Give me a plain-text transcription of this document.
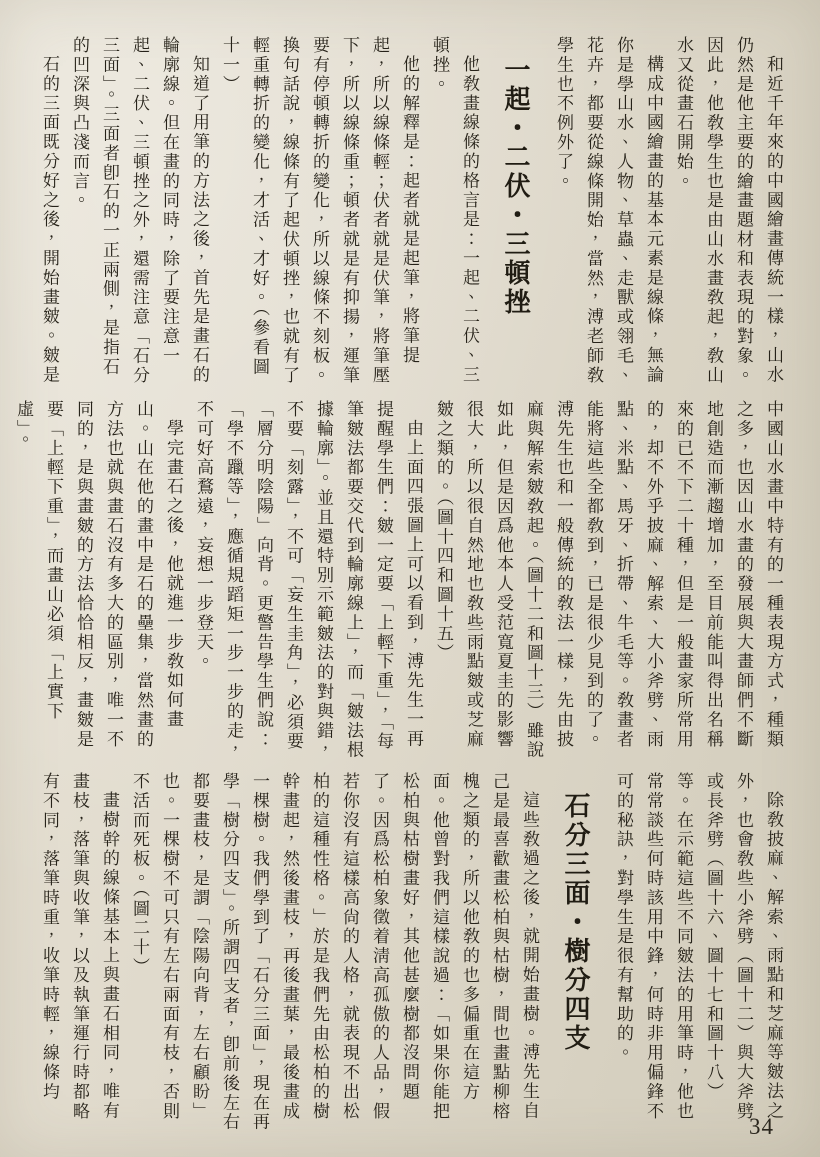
和近千年來的中國繪畫傳統一樣，山水仍然是他主要的繪畫題材和表現的對象。因此，他敎學生也是由山水畫敎起，敎山水又從畫石開始。

構成中國繪畫的基本元素是線條，無論你是學山水、人物、草蟲、走獸或翎毛、花卉，都要從線條開始，當然，溥老師敎學生也不例外了。

一起・二伏・三頓挫

他敎畫線條的格言是：一起、二伏、三頓挫。

他的解釋是：起者就是起筆，將筆提起，所以線條輕；伏者就是伏筆，將筆壓下，所以線條重；頓者就是有抑揚，運筆要有停頓轉折的變化，所以線條不刻板。換句話說，線條有了起伏頓挫，也就有了輕重轉折的變化，才活、才好。（參看圖十一）

知道了用筆的方法之後，首先是畫石的輪廓線。但在畫的同時，除了要注意一起、二伏、三頓挫之外，還需注意「石分三面」。三面者卽石的一正兩側，是指石的凹深與凸淺而言。

石的三面既分好之後，開始畫皴。皴是

中國山水畫中特有的一種表現方式，種類之多，也因山水畫的發展與大畫師們不斷地創造而漸趨增加，至目前能叫得出名稱來的已不下二十種，但是一般畫家所常用的，却不外乎披麻、解索、大小斧劈、雨點、米點、馬牙、折帶、牛毛等。敎畫者能將這些全都敎到，已是很少見到的了。溥先生也和一般傳統的敎法一樣，先由披麻與解索皴敎起。（圖十二和圖十三）雖說如此，但是因爲他本人受范寬夏圭的影響很大，所以很自然地也敎些雨點皴或芝麻皴之類的。（圖十四和圖十五）

由上面四張圖上可以看到，溥先生一再提醒學生們：皴一定要「上輕下重」，「每筆皴法都要交代到輪廓線上」，而「皴法根據輪廓」。並且還特別示範皴法的對與錯，不要「刻露」，不可「妄生圭角」，必須要「層分明陰陽」向背。更警告學生們說：「學不躐等」，應循規蹈矩一步一步的走，不可好高鶩遠，妄想一步登天。

學完畫石之後，他就進一步敎如何畫山。山在他的畫中是石的壘集，當然畫的方法也就與畫石沒有多大的區別，唯一不同的，是與畫皴的方法恰恰相反，畫皴是要「上輕下重」，而畫山必須「上實下虛」。

除敎披麻、解索、雨點和芝麻等皴法之外，也會敎些小斧劈（圖十二）與大斧劈或長斧劈（圖十六、圖十七和圖十八）等。在示範這些不同皴法的用筆時，他也常常談些何時該用中鋒，何時非用偏鋒不可的秘訣，對學生是很有幫助的。

石分三面・樹分四支

這些敎過之後，就開始畫樹。溥先生自己是最喜歡畫松柏與枯樹，間也畫點柳榕槐之類的，所以他敎的也多偏重在這方面。他曾對我們這樣說過：「如果你能把松柏與枯樹畫好，其他甚麼樹都沒問題了。因爲松柏象徵着淸高孤傲的人品，假若你沒有這樣高尙的人格，就表現不出松柏的這種性格。」於是我們先由松柏的樹幹畫起，然後畫枝，再後畫葉，最後畫成一棵樹。我們學到了「石分三面」，現在再學「樹分四支」。所謂四支者，卽前後左右都要畫枝，是謂「陰陽向背，左右顧盼」也。一棵樹不可只有左右兩面有枝，否則不活而死板。（圖二十）

畫樹幹的線條基本上與畫石相同，唯有畫枝，落筆與收筆，以及執筆運行時都略有不同，落筆時重，收筆時輕，線條均

34
